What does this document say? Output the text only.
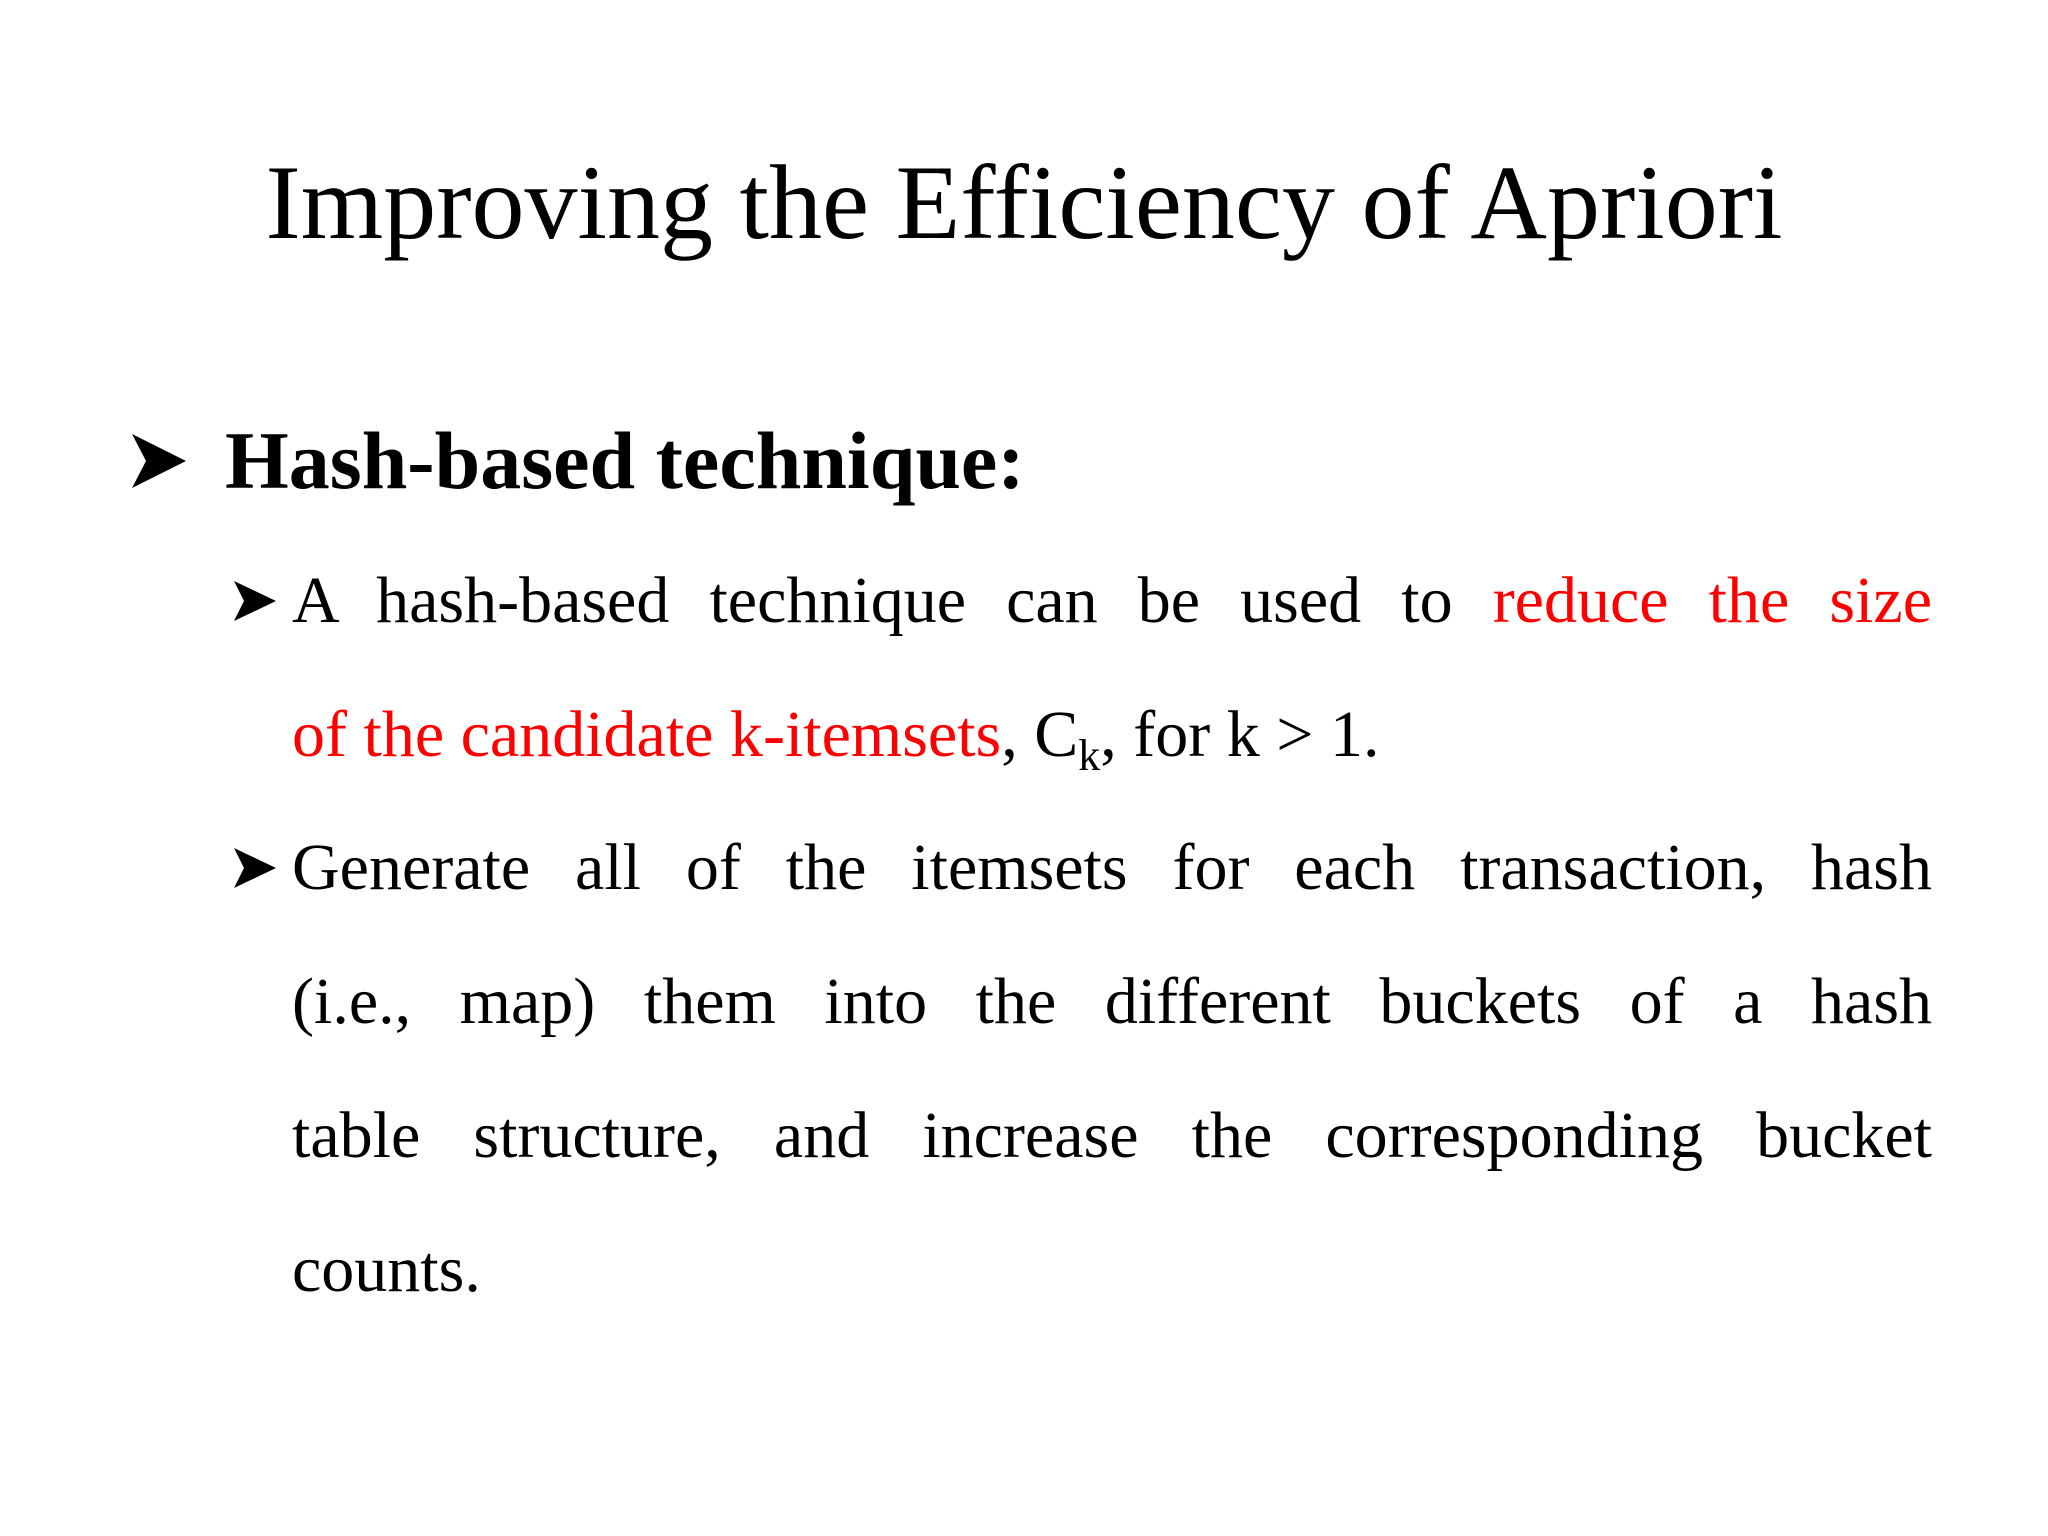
Improving the Efficiency of Apriori
Hash-based technique:

A hash-based technique can be used to reduce the size

of the candidate k-itemsets, $C_k$, for k > 1.

Generate all of the itemsets for each transaction, hash

(i.e., map) them into the different buckets of a hash

table structure, and increase the corresponding bucket

counts.
